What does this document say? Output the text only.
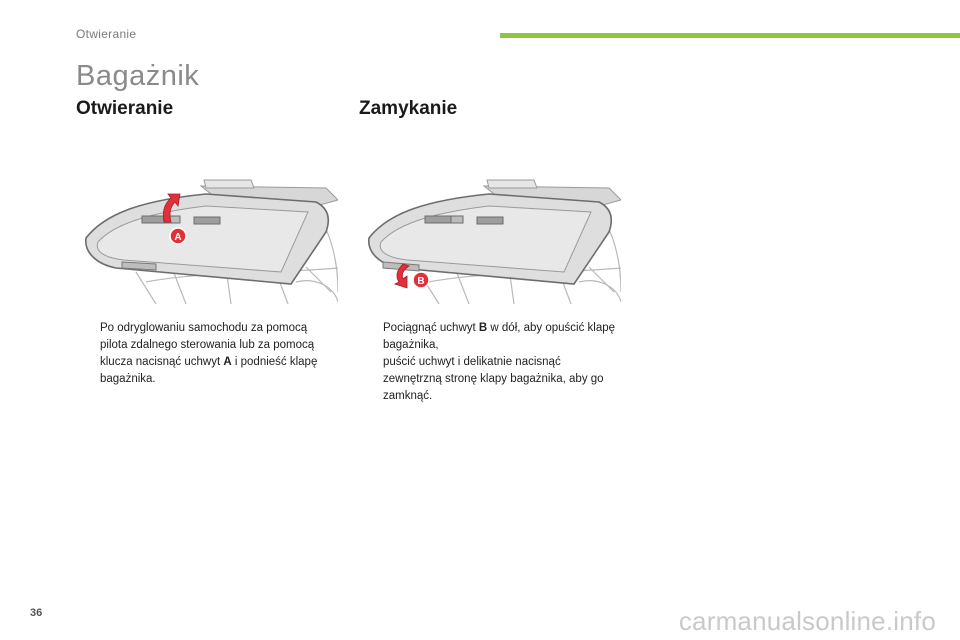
Otwieranie
Bagażnik
Otwieranie	Zamykanie
A
B

Po odryglowaniu samochodu za pomocą pilota zdalnego sterowania lub za pomocą klucza nacisnąć uchwyt A i podnieść klapę bagażnika.

Pociągnąć uchwyt B w dół, aby opuścić klapę bagażnika,

puścić uchwyt i delikatnie nacisnąć zewnętrzną stronę klapy bagażnika, aby go zamknąć.

36	carmanualsonline.info
